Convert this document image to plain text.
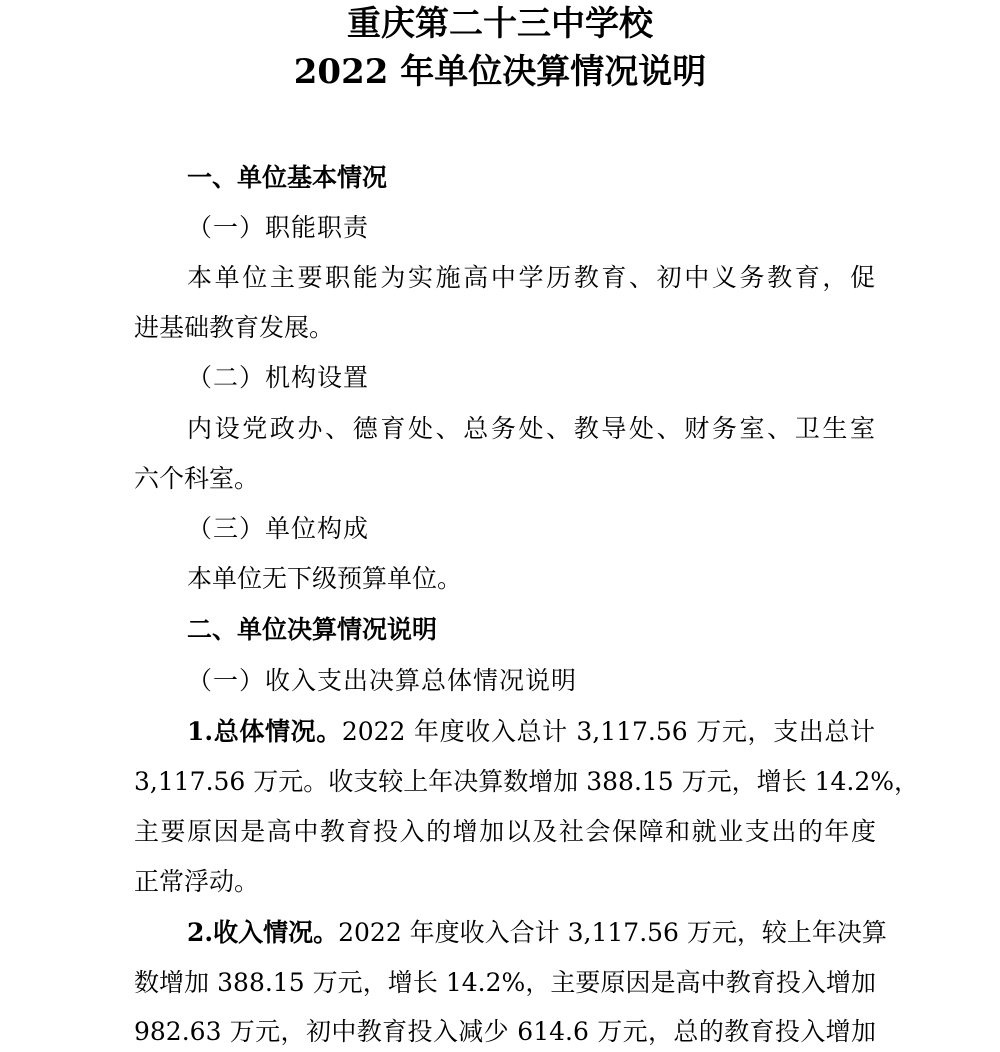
重庆第二十三中学校
2022 年单位决算情况说明
一、单位基本情况
（一）职能职责
本单位主要职能为实施高中学历教育、初中义务教育，促
进基础教育发展。
（二）机构设置
内设党政办、德育处、总务处、教导处、财务室、卫生室
六个科室。
（三）单位构成
本单位无下级预算单位。
二、单位决算情况说明
（一）收入支出决算总体情况说明
1.总体情况。2022 年度收入总计 3,117.56 万元，支出总计
3,117.56 万元。收支较上年决算数增加 388.15 万元，增长 14.2%，
主要原因是高中教育投入的增加以及社会保障和就业支出的年度
正常浮动。
2.收入情况。2022 年度收入合计 3,117.56 万元，较上年决算
数增加 388.15 万元，增长 14.2%，主要原因是高中教育投入增加
982.63 万元，初中教育投入减少 614.6 万元，总的教育投入增加
